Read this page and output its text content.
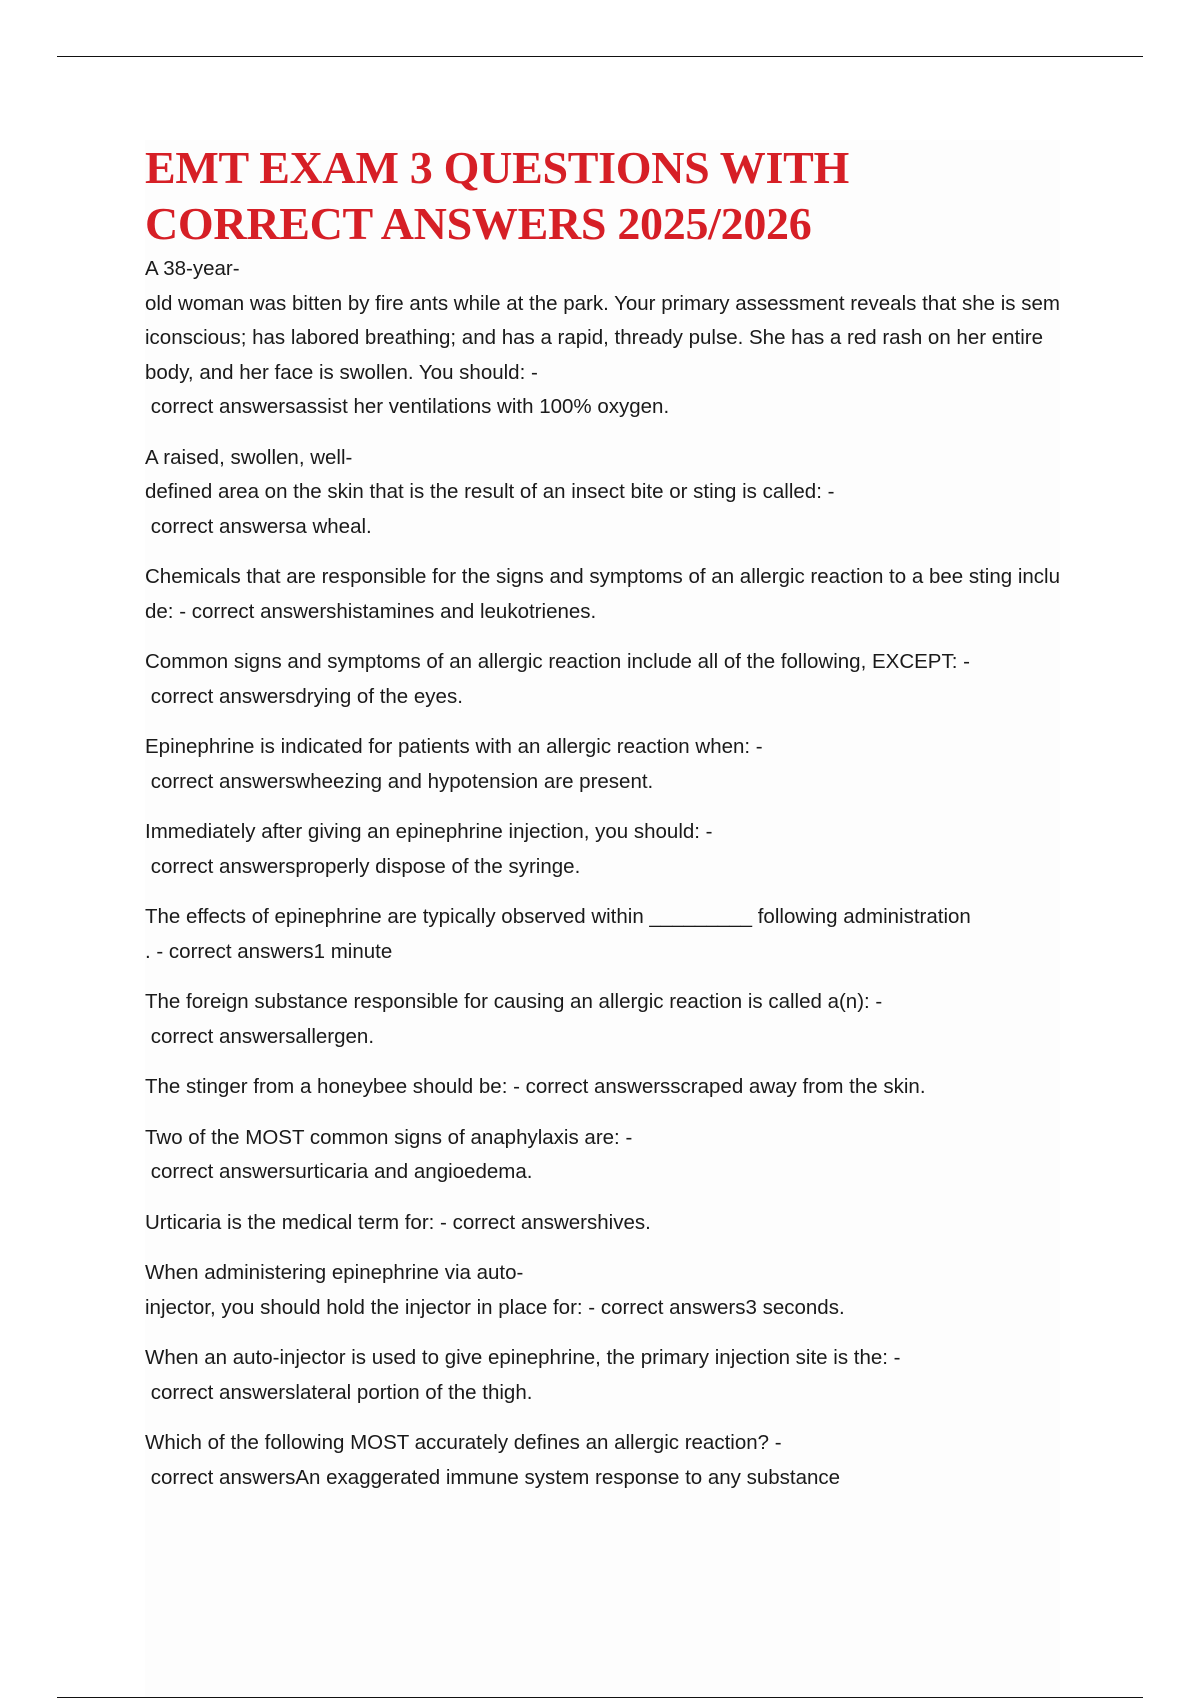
EMT EXAM 3 QUESTIONS WITH CORRECT ANSWERS 2025/2026

A 38-year-
old woman was bitten by fire ants while at the park. Your primary assessment reveals that she is semiconscious; has labored breathing; and has a rapid, thready pulse. She has a red rash on her entire body, and her face is swollen. You should: -
correct answersassist her ventilations with 100% oxygen.

A raised, swollen, well-
defined area on the skin that is the result of an insect bite or sting is called: -
correct answersa wheal.

Chemicals that are responsible for the signs and symptoms of an allergic reaction to a bee sting include: - correct answershistamines and leukotrienes.

Common signs and symptoms of an allergic reaction include all of the following, EXCEPT: -
correct answersdrying of the eyes.

Epinephrine is indicated for patients with an allergic reaction when: -
correct answerswheezing and hypotension are present.

Immediately after giving an epinephrine injection, you should: -
correct answersproperly dispose of the syringe.

The effects of epinephrine are typically observed within _________ following administration
. - correct answers1 minute

The foreign substance responsible for causing an allergic reaction is called a(n): -
correct answersallergen.

The stinger from a honeybee should be: - correct answersscraped away from the skin.

Two of the MOST common signs of anaphylaxis are: -
correct answersurticaria and angioedema.

Urticaria is the medical term for: - correct answershives.

When administering epinephrine via auto-
injector, you should hold the injector in place for: - correct answers3 seconds.

When an auto-injector is used to give epinephrine, the primary injection site is the: -
correct answerslateral portion of the thigh.

Which of the following MOST accurately defines an allergic reaction? -
correct answersAn exaggerated immune system response to any substance
